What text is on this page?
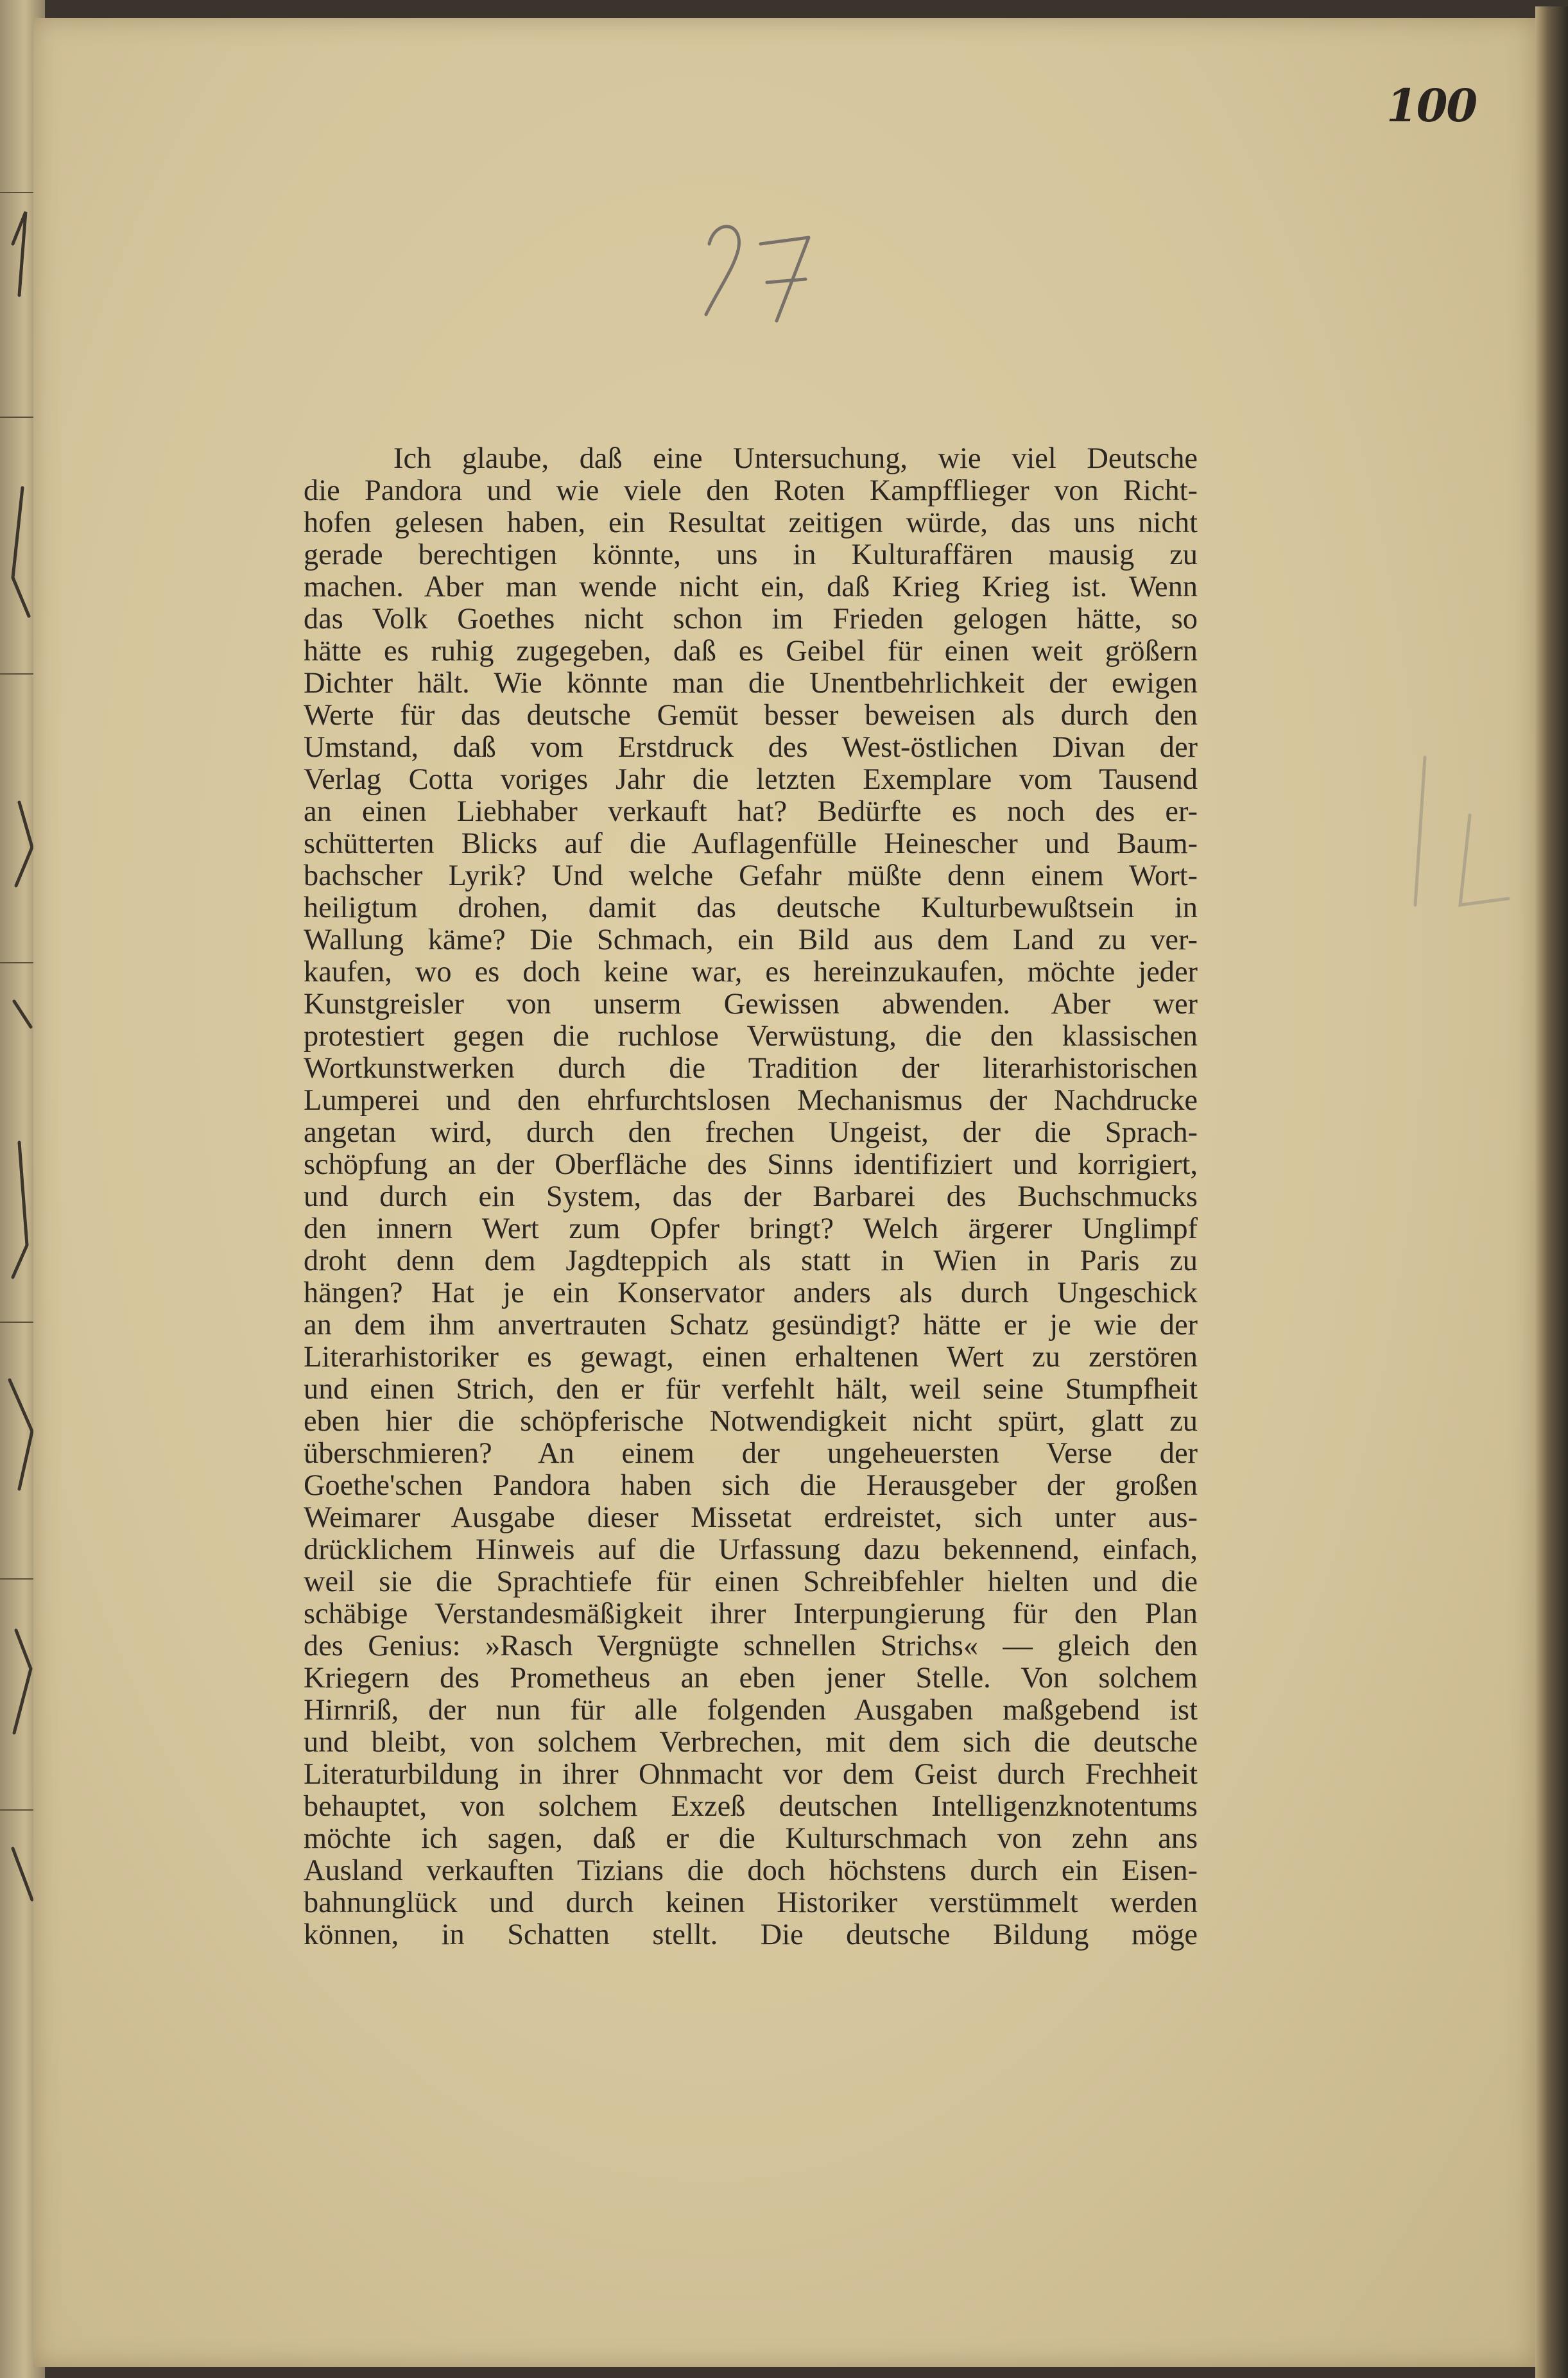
100
Ich glaube, daß eine Untersuchung, wie viel Deutsche
die Pandora und wie viele den Roten Kampfflieger von Richt-
hofen gelesen haben, ein Resultat zeitigen würde, das uns nicht
gerade berechtigen könnte, uns in Kulturaffären mausig zu
machen. Aber man wende nicht ein, daß Krieg Krieg ist. Wenn
das Volk Goethes nicht schon im Frieden gelogen hätte, so
hätte es ruhig zugegeben, daß es Geibel für einen weit größern
Dichter hält. Wie könnte man die Unentbehrlichkeit der ewigen
Werte für das deutsche Gemüt besser beweisen als durch den
Umstand, daß vom Erstdruck des West-östlichen Divan der
Verlag Cotta voriges Jahr die letzten Exemplare vom Tausend
an einen Liebhaber verkauft hat? Bedürfte es noch des er-
schütterten Blicks auf die Auflagenfülle Heinescher und Baum-
bachscher Lyrik? Und welche Gefahr müßte denn einem Wort-
heiligtum drohen, damit das deutsche Kulturbewußtsein in
Wallung käme? Die Schmach, ein Bild aus dem Land zu ver-
kaufen, wo es doch keine war, es hereinzukaufen, möchte jeder
Kunstgreisler von unserm Gewissen abwenden. Aber wer
protestiert gegen die ruchlose Verwüstung, die den klassischen
Wortkunstwerken durch die Tradition der literarhistorischen
Lumperei und den ehrfurchtslosen Mechanismus der Nachdrucke
angetan wird, durch den frechen Ungeist, der die Sprach-
schöpfung an der Oberfläche des Sinns identifiziert und korrigiert,
und durch ein System, das der Barbarei des Buchschmucks
den innern Wert zum Opfer bringt? Welch ärgerer Unglimpf
droht denn dem Jagdteppich als statt in Wien in Paris zu
hängen? Hat je ein Konservator anders als durch Ungeschick
an dem ihm anvertrauten Schatz gesündigt? hätte er je wie der
Literarhistoriker es gewagt, einen erhaltenen Wert zu zerstören
und einen Strich, den er für verfehlt hält, weil seine Stumpfheit
eben hier die schöpferische Notwendigkeit nicht spürt, glatt zu
überschmieren? An einem der ungeheuersten Verse der
Goethe'schen Pandora haben sich die Herausgeber der großen
Weimarer Ausgabe dieser Missetat erdreistet, sich unter aus-
drücklichem Hinweis auf die Urfassung dazu bekennend, einfach,
weil sie die Sprachtiefe für einen Schreibfehler hielten und die
schäbige Verstandesmäßigkeit ihrer Interpungierung für den Plan
des Genius: »Rasch Vergnügte schnellen Strichs« — gleich den
Kriegern des Prometheus an eben jener Stelle. Von solchem
Hirnriß, der nun für alle folgenden Ausgaben maßgebend ist
und bleibt, von solchem Verbrechen, mit dem sich die deutsche
Literaturbildung in ihrer Ohnmacht vor dem Geist durch Frechheit
behauptet, von solchem Exzeß deutschen Intelligenzknotentums
möchte ich sagen, daß er die Kulturschmach von zehn ans
Ausland verkauften Tizians die doch höchstens durch ein Eisen-
bahnunglück und durch keinen Historiker verstümmelt werden
können, in Schatten stellt. Die deutsche Bildung möge
